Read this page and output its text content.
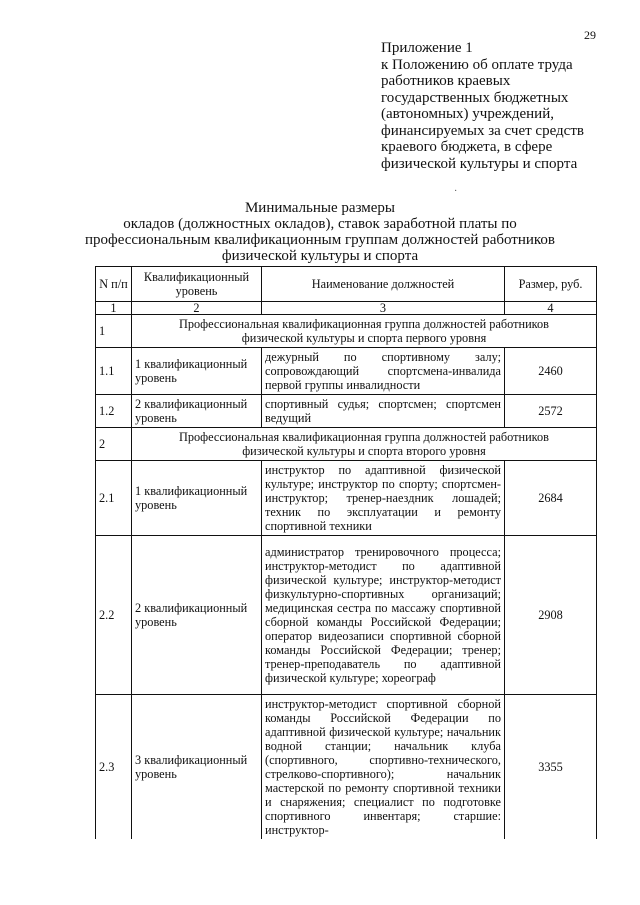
29
Приложение 1
к Положению об оплате труда
работников краевых
государственных бюджетных
(автономных) учреждений,
финансируемых за счет средств
краевого бюджета, в сфере
физической культуры и спорта
·
Минимальные размеры
окладов (должностных окладов), ставок заработной платы по
профессиональным квалификационным группам должностей работников
физической культуры и спорта
N п/п	Квалификационный уровень	Наименование должностей	Размер, руб.
1	2	3	4
1	Профессиональная квалификационная группа должностей работников
физической культуры и спорта первого уровня		
1.1	1 квалификационный
уровень	дежурный по спортивному залу; сопровождающий спортсмена-инвалида первой группы инвалидности	2460
1.2	2 квалификационный
уровень	спортивный судья; спортсмен; спортсмен ведущий	2572
2	Профессиональная квалификационная группа должностей работников
физической культуры и спорта второго уровня		
2.1	1 квалификационный
уровень	инструктор по адаптивной физической культуре; инструктор по спорту; спортсмен-инструктор; тренер-наездник лошадей; техник по эксплуатации и ремонту спортивной техники	2684
2.2	2 квалификационный
уровень	администратор тренировочного процесса; инструктор-методист по адаптивной физической культуре; инструктор-методист физкультурно-спортивных организаций; медицинская сестра по массажу спортивной сборной команды Российской Федерации; оператор видеозаписи спортивной сборной команды Российской Федерации; тренер; тренер-преподаватель по адаптивной физической культуре; хореограф	2908
2.3	3 квалификационный
уровень	инструктор-методист спортивной сборной команды Российской Федерации по адаптивной физической культуре; начальник водной станции; начальник клуба (спортивного, спортивно-технического, стрелково-спортивного); начальник мастерской по ремонту спортивной техники и снаряжения; специалист по подготовке спортивного инвентаря; старшие: инструктор-	3355
